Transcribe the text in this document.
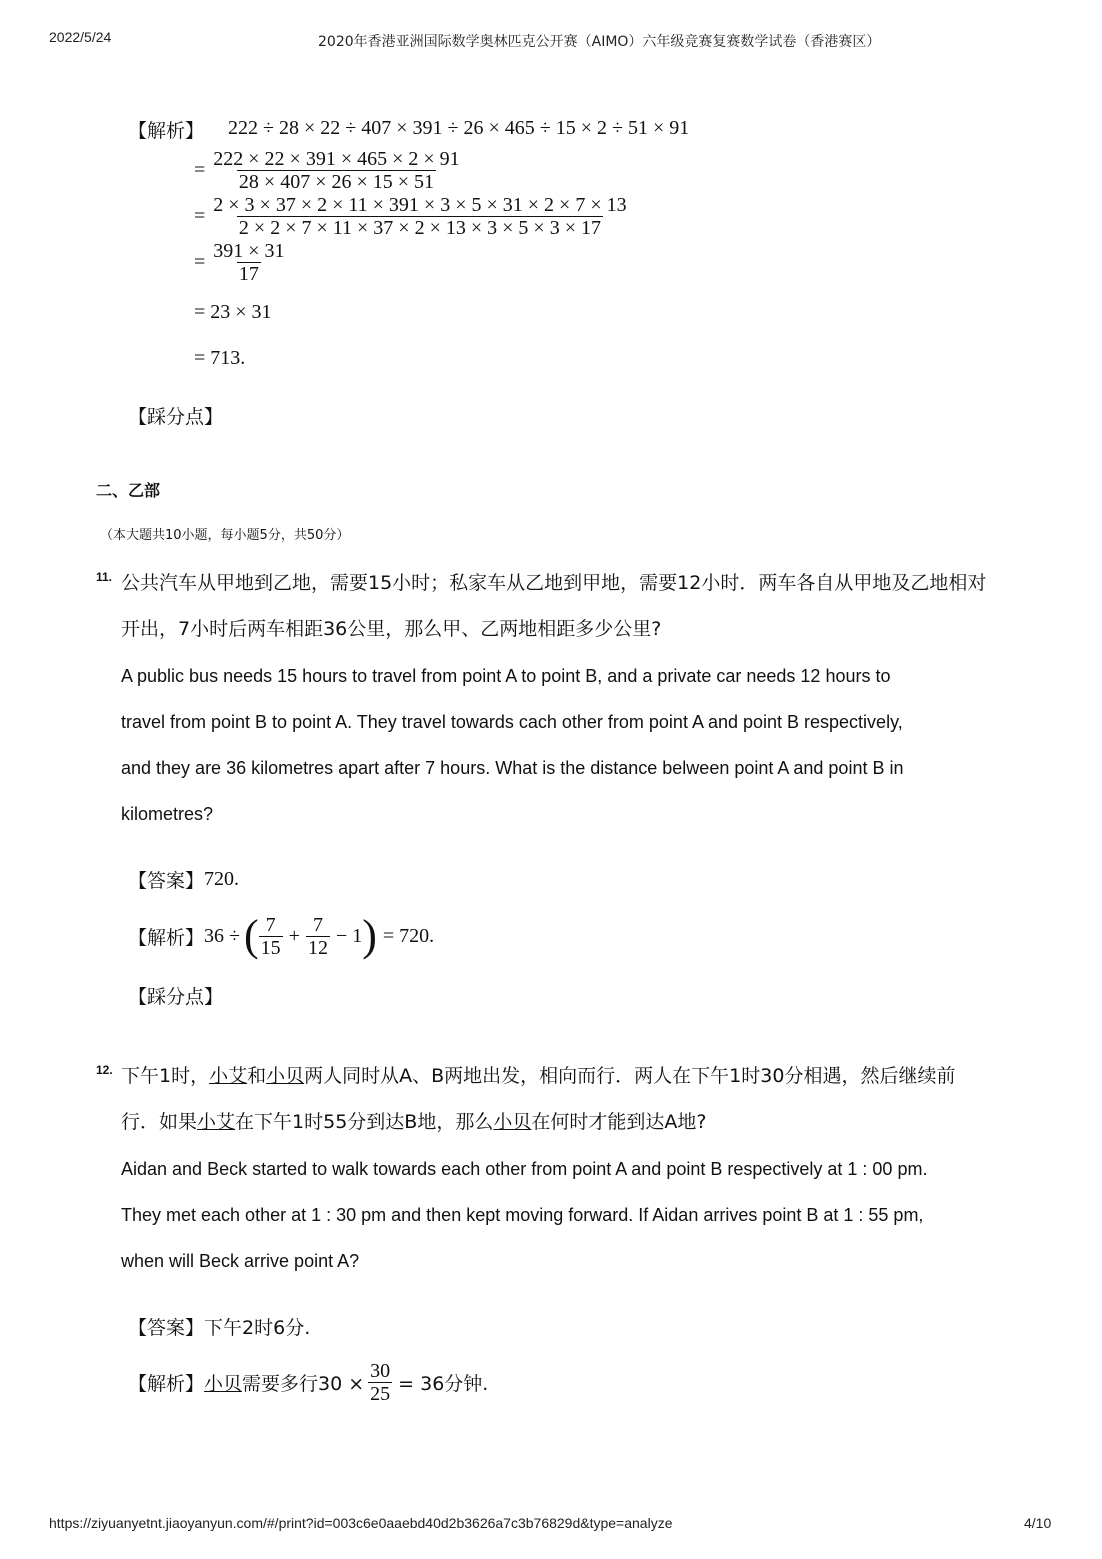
2022/5/24	2020年香港亚洲国际数学奥林匹克公开赛（AIMO）六年级竞赛复赛数学试卷（香港赛区）
【解析】 222 ÷ 28 × 22 ÷ 407 × 391 ÷ 26 × 465 ÷ 15 × 2 ÷ 51 × 91
= $\frac{222 \times 22 \times 391 \times 465 \times 2 \times 91}{28 \times 407 \times 26 \times 15 \times 51}$
= $\frac{2 \times 3 \times 37 \times 2 \times 11 \times 391 \times 3 \times 5 \times 31 \times 2 \times 7 \times 13}{2 \times 2 \times 7 \times 11 \times 37 \times 2 \times 13 \times 3 \times 5 \times 3 \times 17}$
= $\frac{391 \times 31}{17}$
= 23 × 31
= 713.
【踩分点】
二、乙部
（本大题共10小题，每小题5分，共50分）
11. 公共汽车从甲地到乙地，需要15小时；私家车从乙地到甲地，需要12小时．两车各自从甲地及乙地相对
开出，7小时后两车相距36公里，那么甲、乙两地相距多少公里?
A public bus needs 15 hours to travel from point A to point B, and a private car needs 12 hours to
travel from point B to point A. They travel towards cach other from point A and point B respectively,
and they are 36 kilometres apart after 7 hours. What is the distance belween point A and point B in
kilometres?
【答案】 720.
【解析】 36 ÷ ( $\frac{7}{15} + \frac{7}{12} - 1$ ) = 720.
【踩分点】
12. 下午1时，小艾和小贝两人同时从A、B两地出发，相向而行．两人在下午1时30分相遇，然后继续前
行．如果小艾在下午1时55分到达B地，那么小贝在何时才能到达A地?
Aidan and Beck started to walk towards each other from point A and point B respectively at 1 : 00 pm.
They met each other at 1 : 30 pm and then kept moving forward. If Aidan arrives point B at 1 : 55 pm,
when will Beck arrive point A?
【答案】 下午2时6分.
【解析】 小贝 需要多行$30 \times \frac{30}{25} = 36$分钟.
https://ziyuanyetnt.jiaoyanyun.com/#/print?id=003c6e0aaebd40d2b3626a7c3b76829d&type=analyze	4/10
